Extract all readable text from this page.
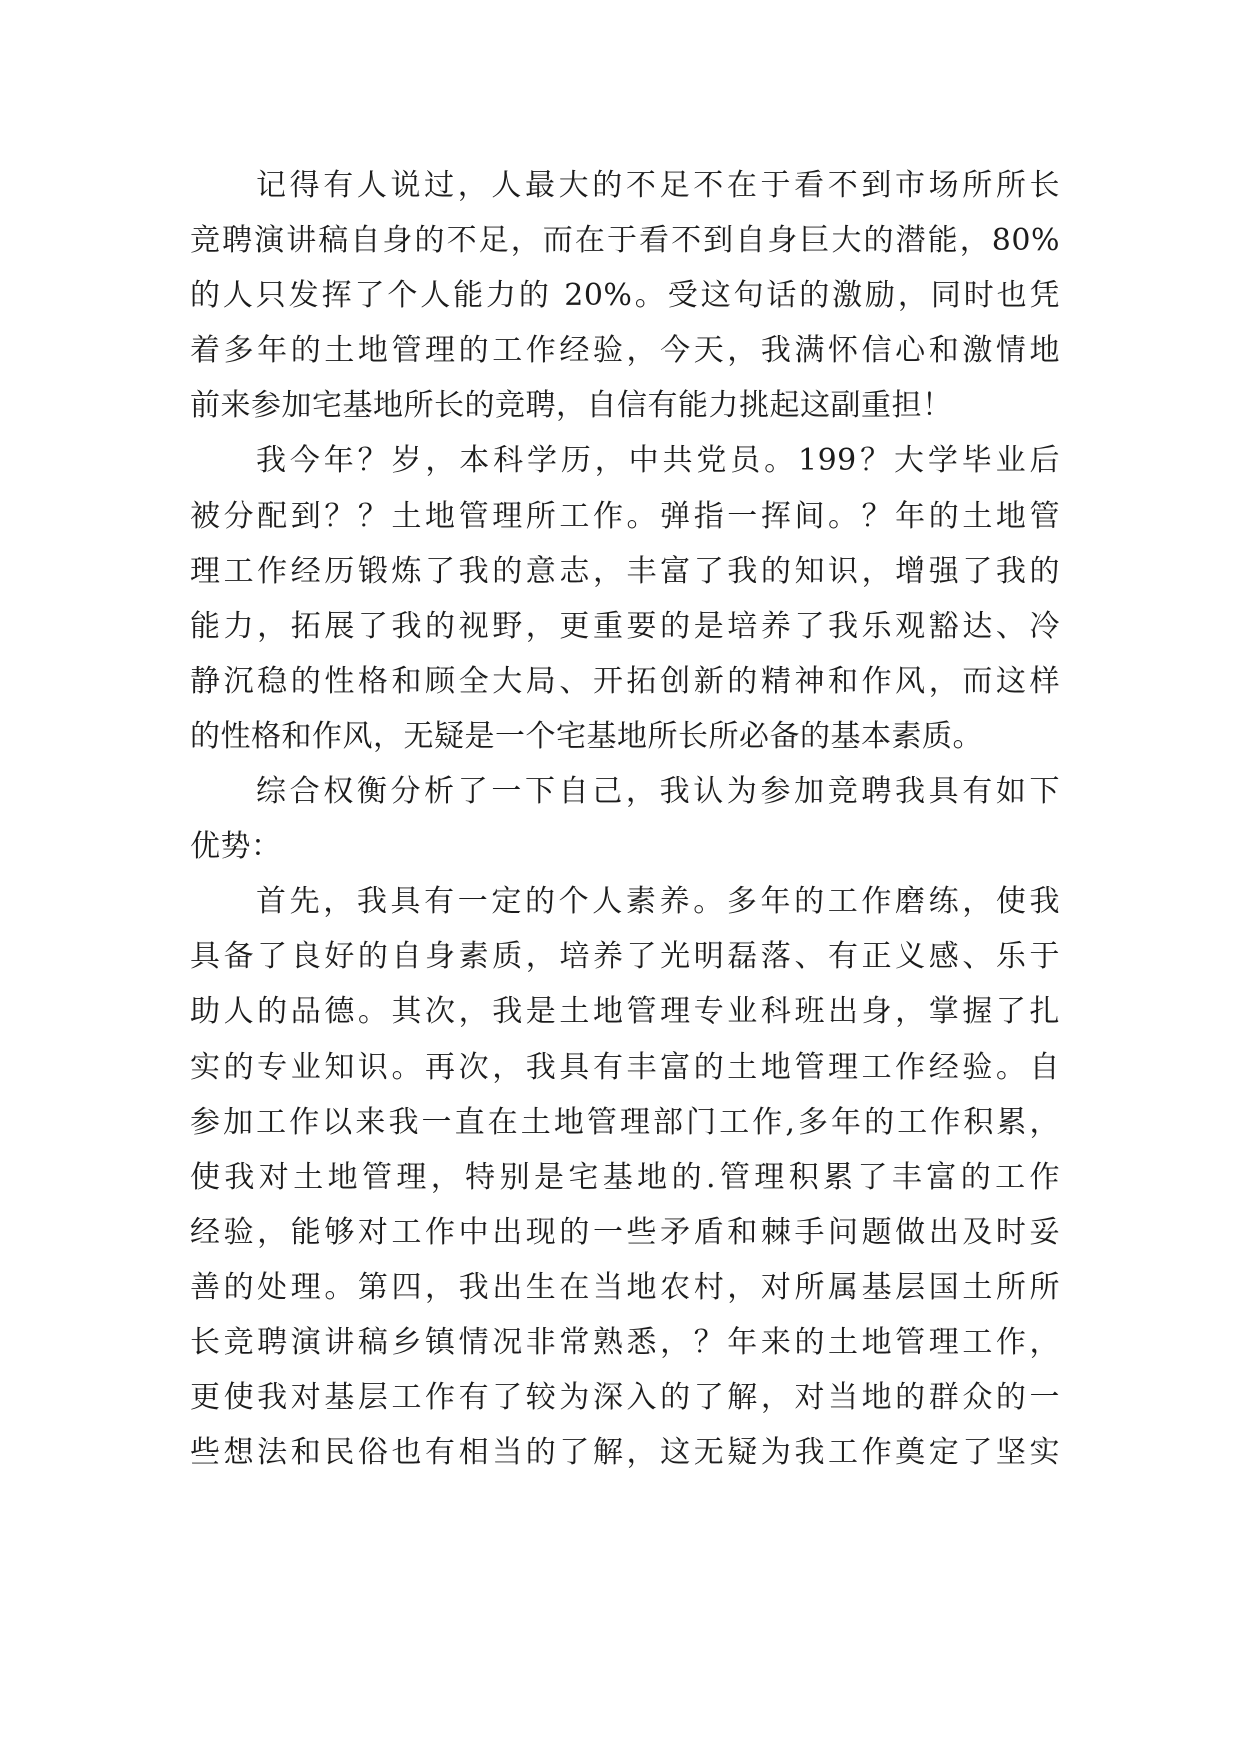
记得有人说过，人最大的不足不在于看不到市场所所长
竞聘演讲稿自身的不足，而在于看不到自身巨大的潜能，80%
的人只发挥了个人能力的 20%。受这句话的激励，同时也凭
着多年的土地管理的工作经验，今天，我满怀信心和激情地
前来参加宅基地所长的竞聘，自信有能力挑起这副重担！
我今年？岁，本科学历，中共党员。199？大学毕业后
被分配到？？土地管理所工作。弹指一挥间。？年的土地管
理工作经历锻炼了我的意志，丰富了我的知识，增强了我的
能力，拓展了我的视野，更重要的是培养了我乐观豁达、冷
静沉稳的性格和顾全大局、开拓创新的精神和作风，而这样
的性格和作风，无疑是一个宅基地所长所必备的基本素质。
综合权衡分析了一下自己，我认为参加竞聘我具有如下
优势：
首先，我具有一定的个人素养。多年的工作磨练，使我
具备了良好的自身素质，培养了光明磊落、有正义感、乐于
助人的品德。其次，我是土地管理专业科班出身，掌握了扎
实的专业知识。再次，我具有丰富的土地管理工作经验。自
参加工作以来我一直在土地管理部门工作,多年的工作积累，
使我对土地管理，特别是宅基地的.管理积累了丰富的工作
经验，能够对工作中出现的一些矛盾和棘手问题做出及时妥
善的处理。第四，我出生在当地农村，对所属基层国土所所
长竞聘演讲稿乡镇情况非常熟悉，？年来的土地管理工作，
更使我对基层工作有了较为深入的了解，对当地的群众的一
些想法和民俗也有相当的了解，这无疑为我工作奠定了坚实
